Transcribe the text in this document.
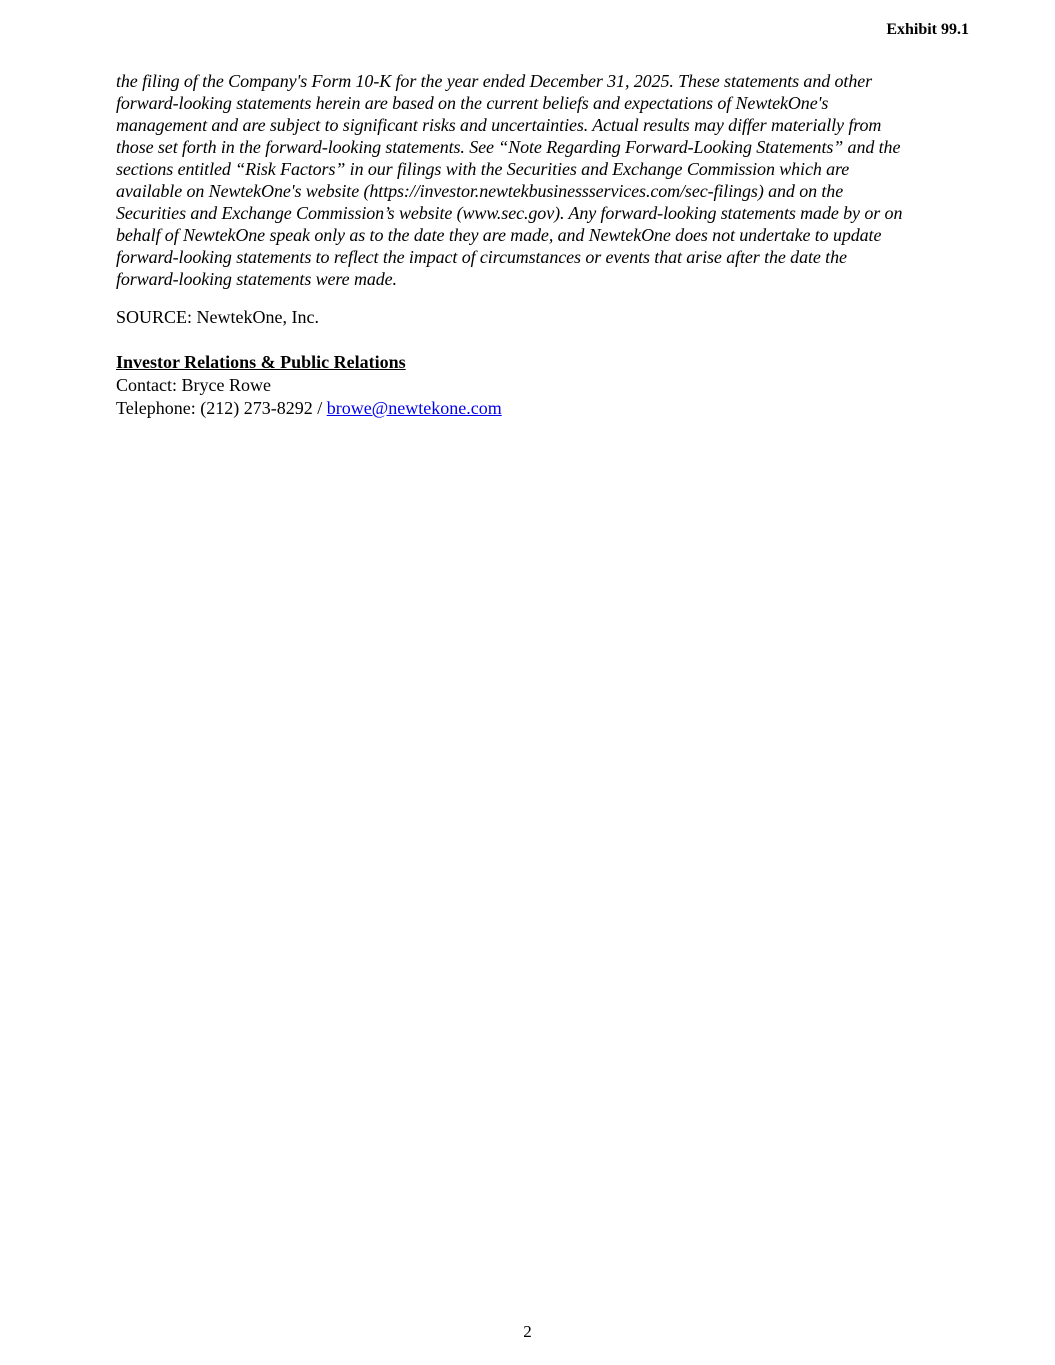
Exhibit 99.1

the filing of the Company's Form 10-K for the year ended December 31, 2025. These statements and other
forward-looking statements herein are based on the current beliefs and expectations of NewtekOne's
management and are subject to significant risks and uncertainties. Actual results may differ materially from
those set forth in the forward-looking statements. See “Note Regarding Forward-Looking Statements” and the
sections entitled “Risk Factors” in our filings with the Securities and Exchange Commission which are
available on NewtekOne's website (https://investor.newtekbusinessservices.com/sec-filings) and on the
Securities and Exchange Commission’s website (www.sec.gov). Any forward-looking statements made by or on
behalf of NewtekOne speak only as to the date they are made, and NewtekOne does not undertake to update
forward-looking statements to reflect the impact of circumstances or events that arise after the date the
forward-looking statements were made.

SOURCE: NewtekOne, Inc.

Investor Relations & Public Relations
Contact: Bryce Rowe
Telephone: (212) 273-8292 / browe@newtekone.com
2
